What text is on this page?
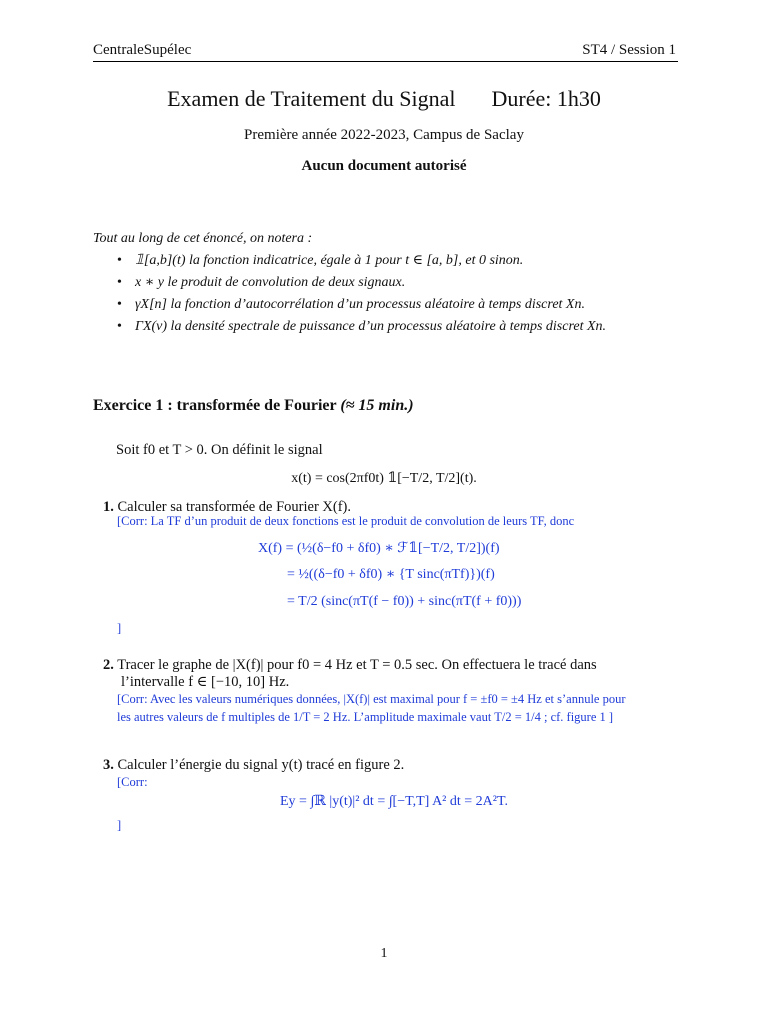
CentraleSupélec	ST4 / Session 1
Examen de Traitement du Signal Durée: 1h30
Première année 2022-2023, Campus de Saclay
Aucun document autorisé
Tout au long de cet énoncé, on notera :
• 𝟙[a,b](t) la fonction indicatrice, égale à 1 pour t ∈ [a, b], et 0 sinon.
• x ∗ y le produit de convolution de deux signaux.
• γX[n] la fonction d’autocorrélation d’un processus aléatoire à temps discret Xn.
• ΓX(ν) la densité spectrale de puissance d’un processus aléatoire à temps discret Xn.
Exercice 1 : transformée de Fourier (≈ 15 min.)
Soit f0 et T > 0. On définit le signal
x(t) = cos(2πf0t) 𝟙[−T/2, T/2](t).
1. Calculer sa transformée de Fourier X(f).
[Corr: La TF d’un produit de deux fonctions est le produit de convolution de leurs TF, donc
X(f) = (½(δ−f0 + δf0) ∗ ℱ𝟙[−T/2, T/2])(f)
= ½((δ−f0 + δf0) ∗ {T sinc(πTf)})(f)
= T/2 (sinc(πT(f − f0)) + sinc(πT(f + f0)))
]
2. Tracer le graphe de |X(f)| pour f0 = 4 Hz et T = 0.5 sec. On effectuera le tracé dans
l’intervalle f ∈ [−10, 10] Hz.
[Corr: Avec les valeurs numériques données, |X(f)| est maximal pour f = ±f0 = ±4 Hz et s’annule pour
les autres valeurs de f multiples de 1/T = 2 Hz. L’amplitude maximale vaut T/2 = 1/4 ; cf. figure 1 ]
3. Calculer l’énergie du signal y(t) tracé en figure 2.
[Corr:
Ey = ∫ℝ |y(t)|² dt = ∫[−T,T] A² dt = 2A²T.
]
1
